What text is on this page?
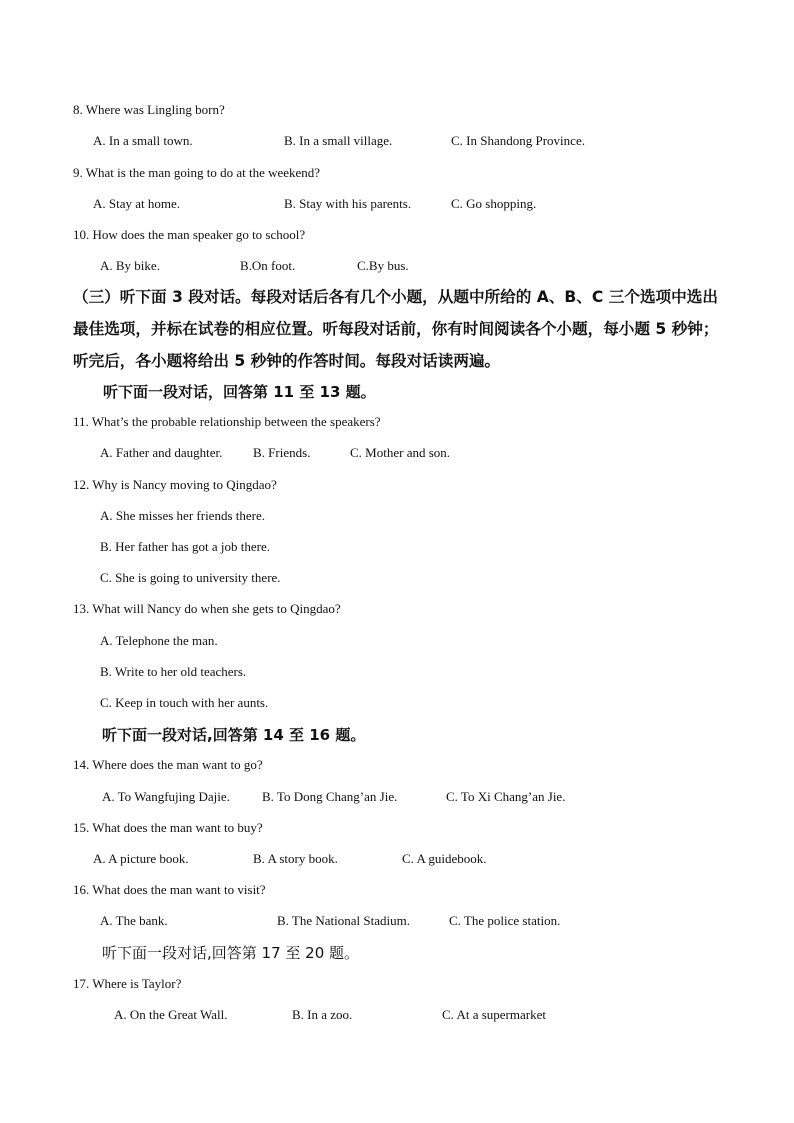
8. Where was Lingling born?
A. In a small town.	B. In a small village.	C. In Shandong Province.
9. What is the man going to do at the weekend?
A. Stay at home.	B. Stay with his parents.	C. Go shopping.
10. How does the man speaker go to school?
A. By bike.	B.On foot.	C.By bus.
（三）听下面 3 段对话。每段对话后各有几个小题，从题中所给的 A、B、C 三个选项中选出
最佳选项，并标在试卷的相应位置。听每段对话前，你有时间阅读各个小题，每小题 5 秒钟；
听完后，各小题将给出 5 秒钟的作答时间。每段对话读两遍。
听下面一段对话，回答第 11 至 13 题。
11. What’s the probable relationship between the speakers?
A. Father and daughter. B. Friends.	C. Mother and son.
12. Why is Nancy moving to Qingdao?
A. She misses her friends there.
B. Her father has got a job there.
C. She is going to university there.
13. What will Nancy do when she gets to Qingdao?
A. Telephone the man.
B. Write to her old teachers.
C. Keep in touch with her aunts.
听下面一段对话,回答第 14 至 16 题。
14. Where does the man want to go?
A. To Wangfujing Dajie. B. To Dong Chang’an Jie.	C. To Xi Chang’an Jie.
15. What does the man want to buy?
A. A picture book.	B. A story book.	C. A guidebook.
16. What does the man want to visit?
A. The bank.	B. The National Stadium.	C. The police station.
听下面一段对话,回答第 17 至 20 题。
17. Where is Taylor?
A. On the Great Wall.	B. In a zoo.	C. At a supermarket
